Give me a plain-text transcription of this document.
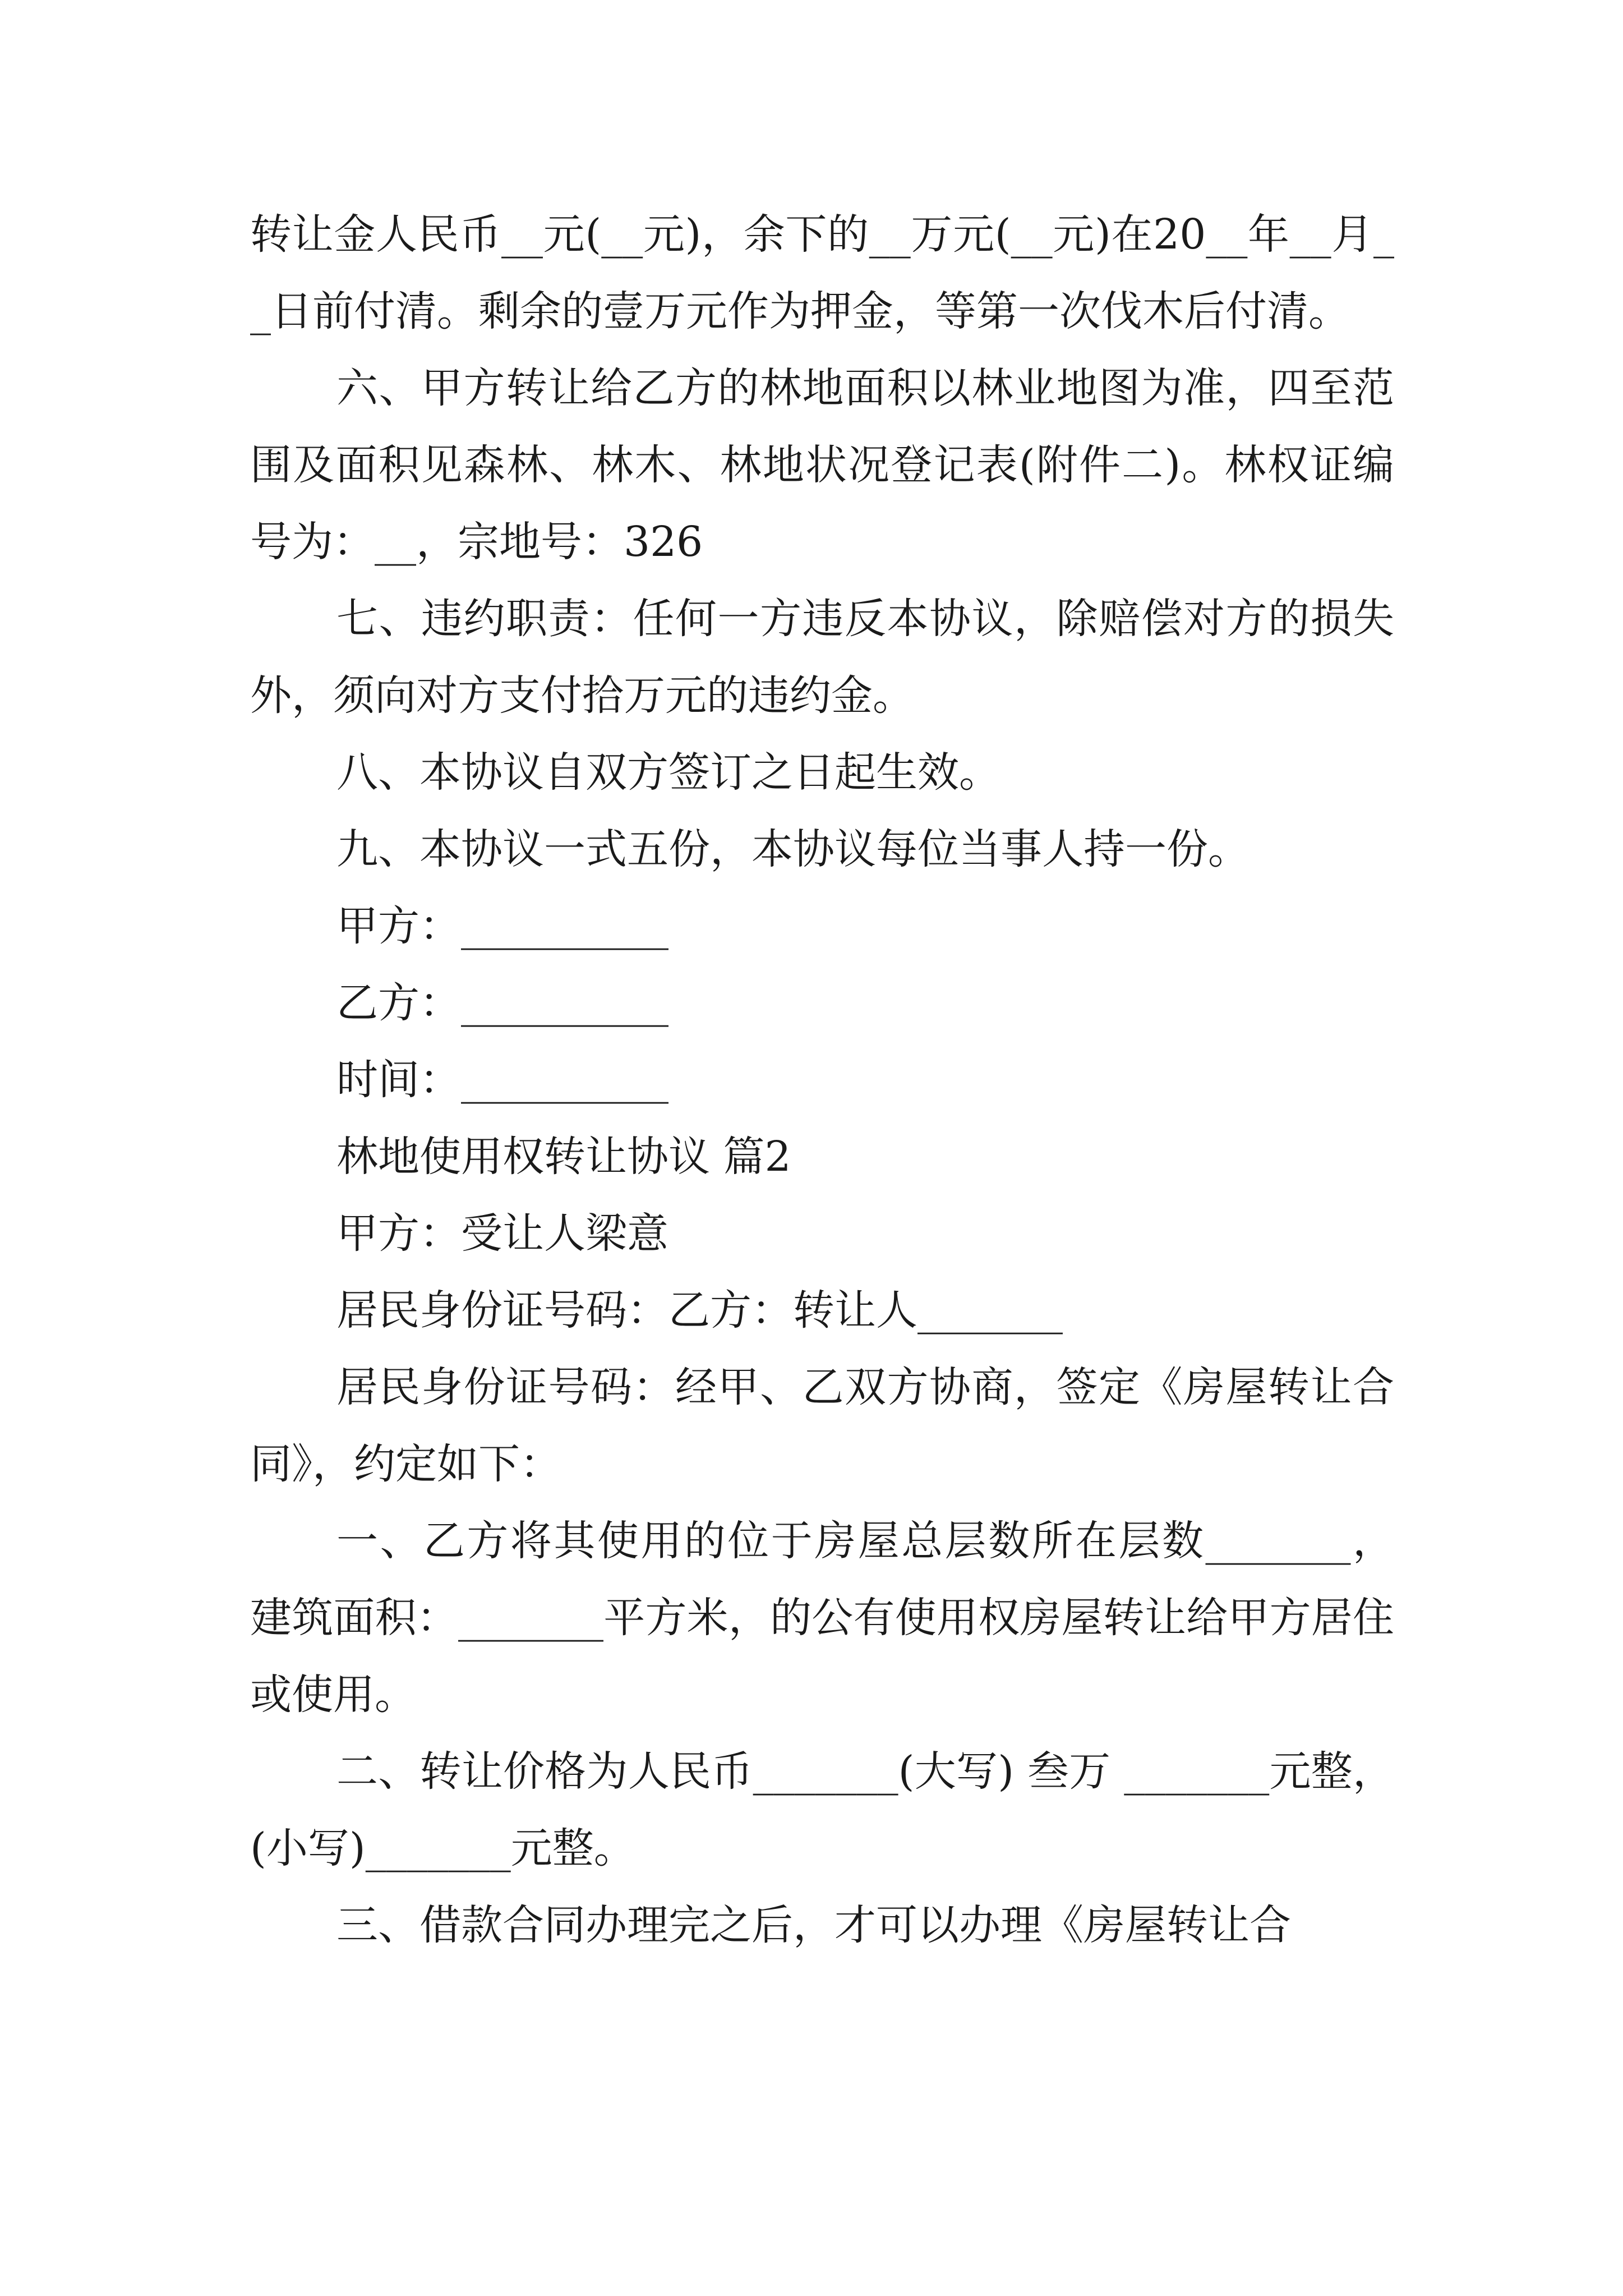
转让金人民币__元(__元)，余下的__万元(__元)在20__年__月__日前付清。剩余的壹万元作为押金，等第一次伐木后付清。

六、甲方转让给乙方的林地面积以林业地图为准，四至范围及面积见森林、林木、林地状况登记表(附件二)。林权证编号为：__，宗地号：326

七、违约职责：任何一方违反本协议，除赔偿对方的损失外，须向对方支付拾万元的违约金。

八、本协议自双方签订之日起生效。

九、本协议一式五份，本协议每位当事人持一份。

甲方：__________

乙方：__________

时间：__________

林地使用权转让协议 篇2

甲方：受让人梁意

居民身份证号码：乙方：转让人_______

居民身份证号码：经甲、乙双方协商，签定《房屋转让合同》，约定如下：

一、乙方将其使用的位于房屋总层数所在层数_______，建筑面积：_______平方米，的公有使用权房屋转让给甲方居住或使用。

二、转让价格为人民币_______(大写) 叁万 _______元整，(小写)_______元整。

三、借款合同办理完之后，才可以办理《房屋转让合
